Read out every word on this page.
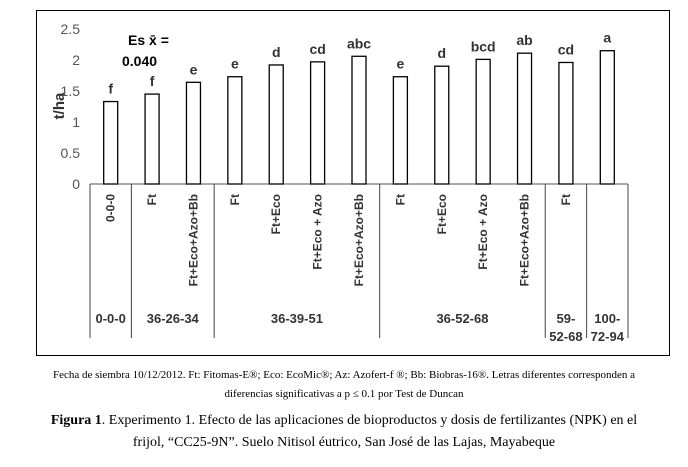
0
0.5
1
1.5
2
2.5
t/ha
f
0-0-0
f
Ft
e
Ft+Eco+Azo+Bb
e
Ft
d
Ft+Eco
cd
Ft+Eco + Azo
abc
Ft+Eco+Azo+Bb
e
Ft
d
Ft+Eco
bcd
Ft+Eco + Azo
ab
Ft+Eco+Azo+Bb
cd
Ft
a
0-0-0 36-26-34	36-39-51	36-52-68	59-
52-68
100-
72-94
Es x̄ =
0.040
Fecha de siembra 10/12/2012. Ft: Fitomas-E®; Eco: EcoMic®; Az: Azofert-f ®; Bb: Biobras-16®. Letras diferentes corresponden a
diferencias significativas a p ≤ 0.1 por Test de Duncan
Figura 1. Experimento 1. Efecto de las aplicaciones de bioproductos y dosis de fertilizantes (NPK) en el
frijol, “CC25-9N”. Suelo Nitisol éutrico, San José de las Lajas, Mayabeque
